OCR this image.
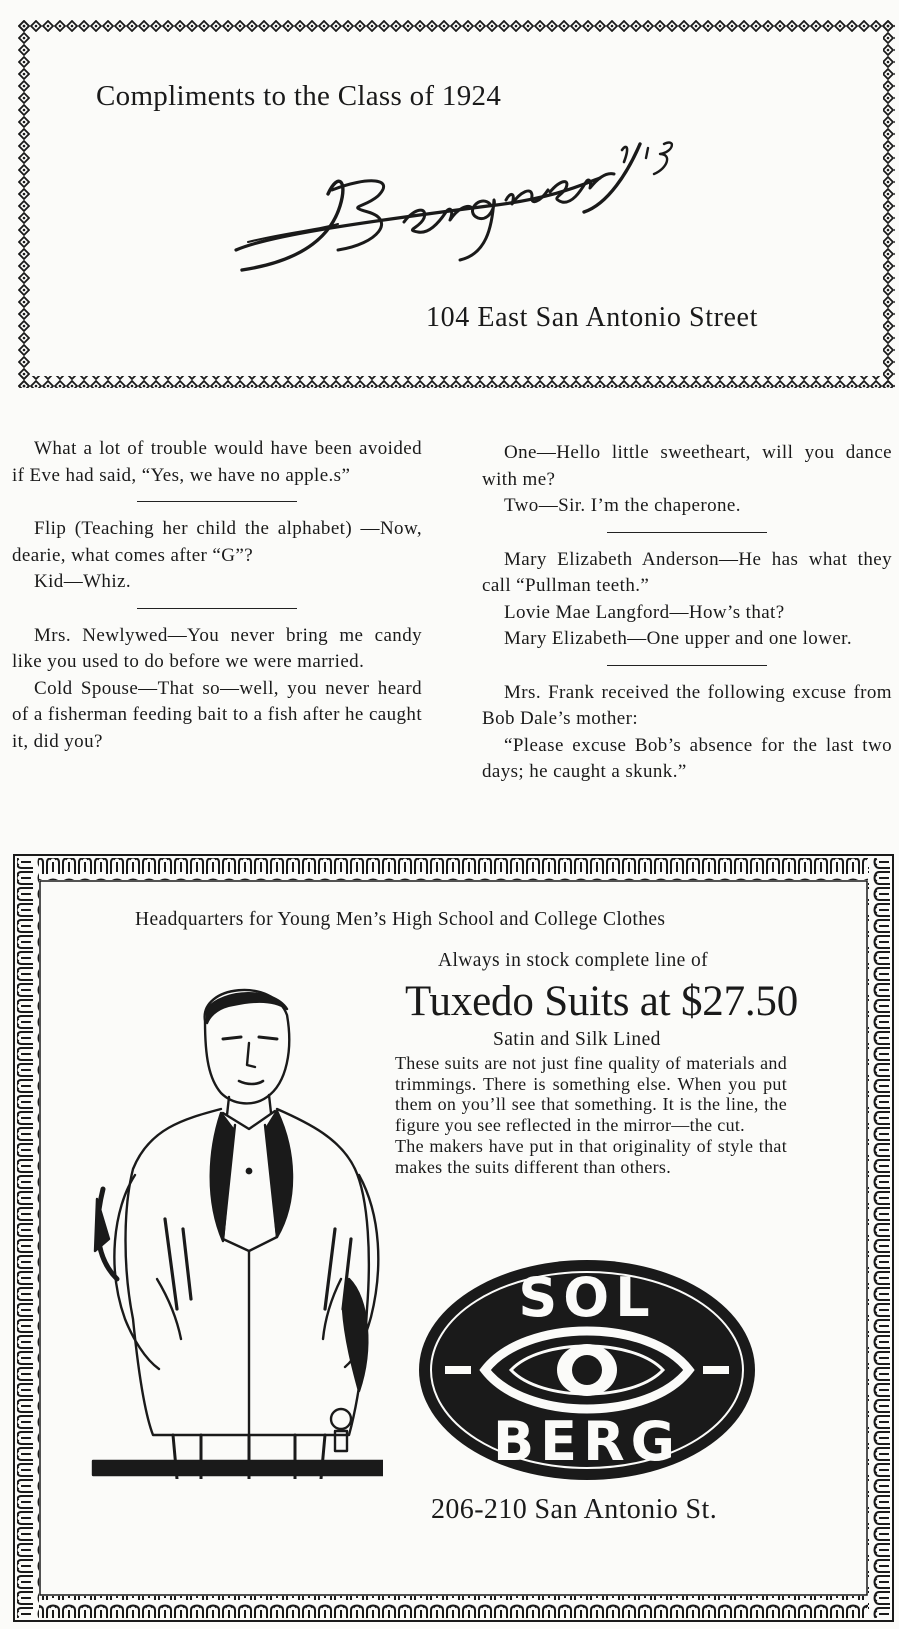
Compliments to the Class of 1924
104 East San Antonio Street

What a lot of trouble would have been avoided if Eve had said, “Yes, we have no apple.s”

Flip (Teaching her child the alphabet) —Now, dearie, what comes after “G”?

Kid—Whiz.

Mrs. Newlywed—You never bring me candy like you used to do before we were married.

Cold Spouse—That so—well, you never heard of a fisherman feeding bait to a fish after he caught it, did you?

One—Hello little sweetheart, will you dance with me?

Two—Sir. I’m the chaperone.

Mary Elizabeth Anderson—He has what they call “Pullman teeth.”

Lovie Mae Langford—How’s that?

Mary Elizabeth—One upper and one lower.

Mrs. Frank received the following excuse from Bob Dale’s mother:

“Please excuse Bob’s absence for the last two days; he caught a skunk.”

Headquarters for Young Men’s High School and College Clothes
Always in stock complete line of
Tuxedo Suits at $27.50
Satin and Silk Lined

These suits are not just fine quality of materials and trimmings. There is something else. When you put them on you’ll see that something. It is the line, the figure you see reflected in the mirror—the cut.

The makers have put in that originality of style that makes the suits different than others.

SOL
BERG
206-210 San Antonio St.
